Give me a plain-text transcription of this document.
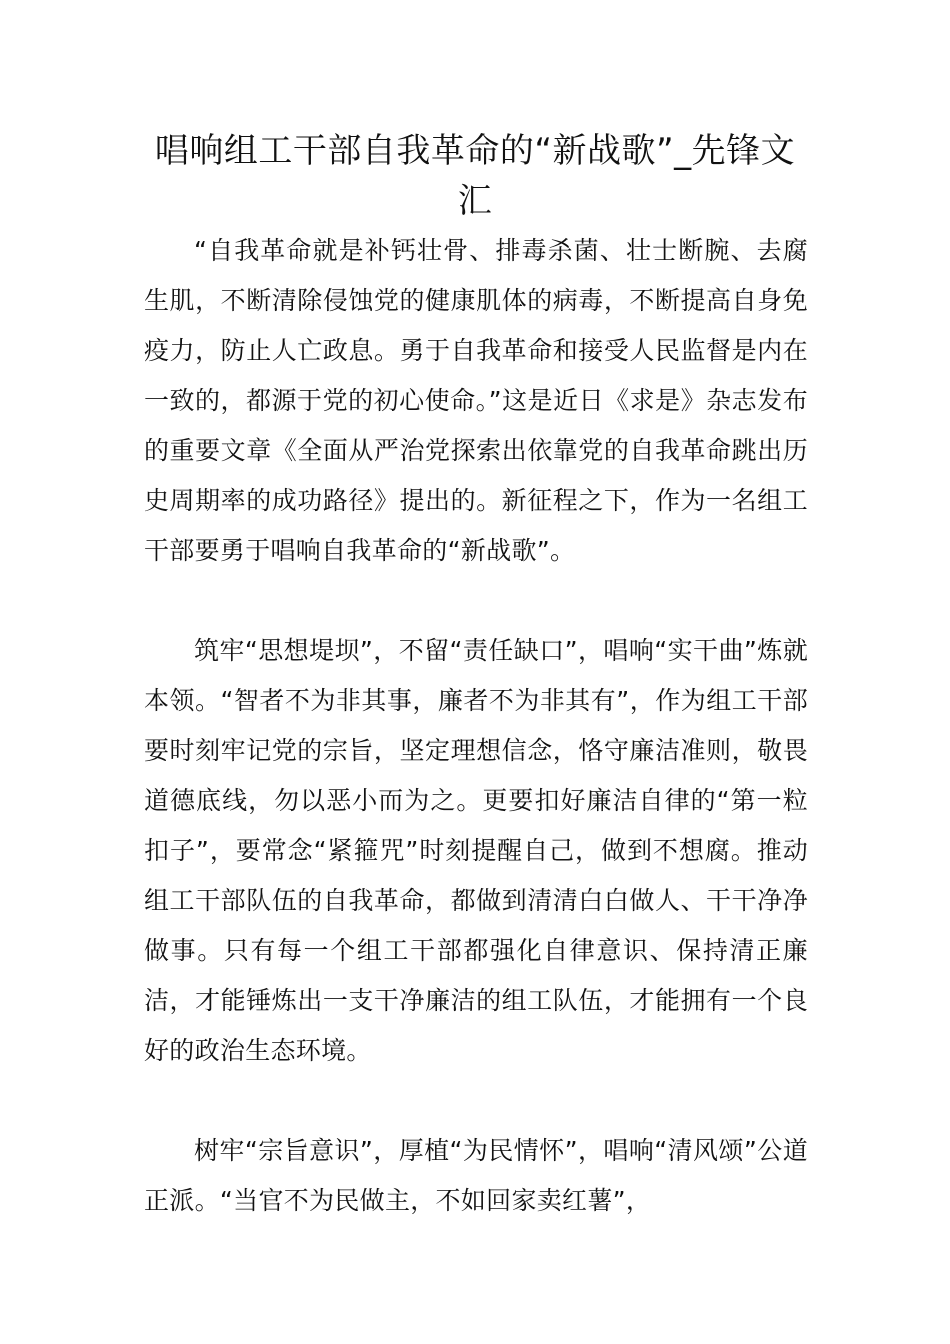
唱响组工干部自我革命的“新战歌”_先锋文汇

“自我革命就是补钙壮骨、排毒杀菌、壮士断腕、去腐生肌，不断清除侵蚀党的健康肌体的病毒，不断提高自身免疫力，防止人亡政息。勇于自我革命和接受人民监督是内在一致的，都源于党的初心使命。”这是近日《求是》杂志发布的重要文章《全面从严治党探索出依靠党的自我革命跳出历史周期率的成功路径》提出的。新征程之下，作为一名组工干部要勇于唱响自我革命的“新战歌”。

筑牢“思想堤坝”，不留“责任缺口”，唱响“实干曲”炼就本领。“智者不为非其事，廉者不为非其有”，作为组工干部要时刻牢记党的宗旨，坚定理想信念，恪守廉洁准则，敬畏道德底线，勿以恶小而为之。更要扣好廉洁自律的“第一粒扣子”，要常念“紧箍咒”时刻提醒自己，做到不想腐。推动组工干部队伍的自我革命，都做到清清白白做人、干干净净做事。只有每一个组工干部都强化自律意识、保持清正廉洁，才能锤炼出一支干净廉洁的组工队伍，才能拥有一个良好的政治生态环境。

树牢“宗旨意识”，厚植“为民情怀”，唱响“清风颂”公道正派。“当官不为民做主，不如回家卖红薯”，
